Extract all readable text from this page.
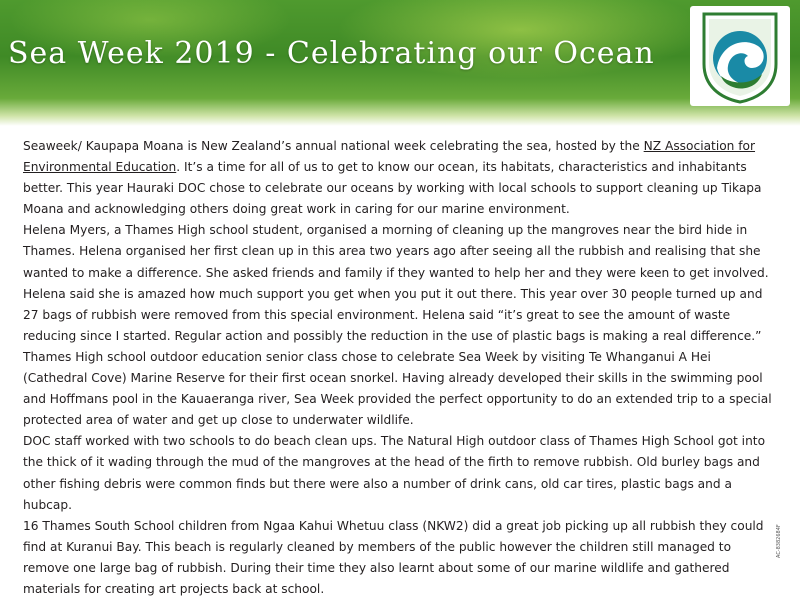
Sea Week 2019 - Celebrating our Ocean

Seaweek/ Kaupapa Moana is New Zealand’s annual national week celebrating the sea, hosted by the NZ Association for Environmental Education. It’s a time for all of us to get to know our ocean, its habitats, characteristics and inhabitants better. This year Hauraki DOC chose to celebrate our oceans by working with local schools to support cleaning up Tikapa Moana and acknowledging others doing great work in caring for our marine environment.

Helena Myers, a Thames High school student, organised a morning of cleaning up the mangroves near the bird hide in Thames. Helena organised her first clean up in this area two years ago after seeing all the rubbish and realising that she wanted to make a difference. She asked friends and family if they wanted to help her and they were keen to get involved. Helena said she is amazed how much support you get when you put it out there. This year over 30 people turned up and 27 bags of rubbish were removed from this special environment. Helena said “it’s great to see the amount of waste reducing since I started. Regular action and possibly the reduction in the use of plastic bags is making a real difference.”

Thames High school outdoor education senior class chose to celebrate Sea Week by visiting Te Whanganui A Hei (Cathedral Cove) Marine Reserve for their first ocean snorkel. Having already developed their skills in the swimming pool and Hoffmans pool in the Kauaeranga river, Sea Week provided the perfect opportunity to do an extended trip to a special protected area of water and get up close to underwater wildlife.

DOC staff worked with two schools to do beach clean ups. The Natural High outdoor class of Thames High School got into the thick of it wading through the mud of the mangroves at the head of the firth to remove rubbish. Old burley bags and other fishing debris were common finds but there were also a number of drink cans, old car tires, plastic bags and a hubcap.

16 Thames South School children from Ngaa Kahui Whetuu class (NKW2) did a great job picking up all rubbish they could find at Kuranui Bay. This beach is regularly cleaned by members of the public however the children still managed to remove one large bag of rubbish. During their time they also learnt about some of our marine wildlife and gathered materials for creating art projects back at school.

AC-8382684F
